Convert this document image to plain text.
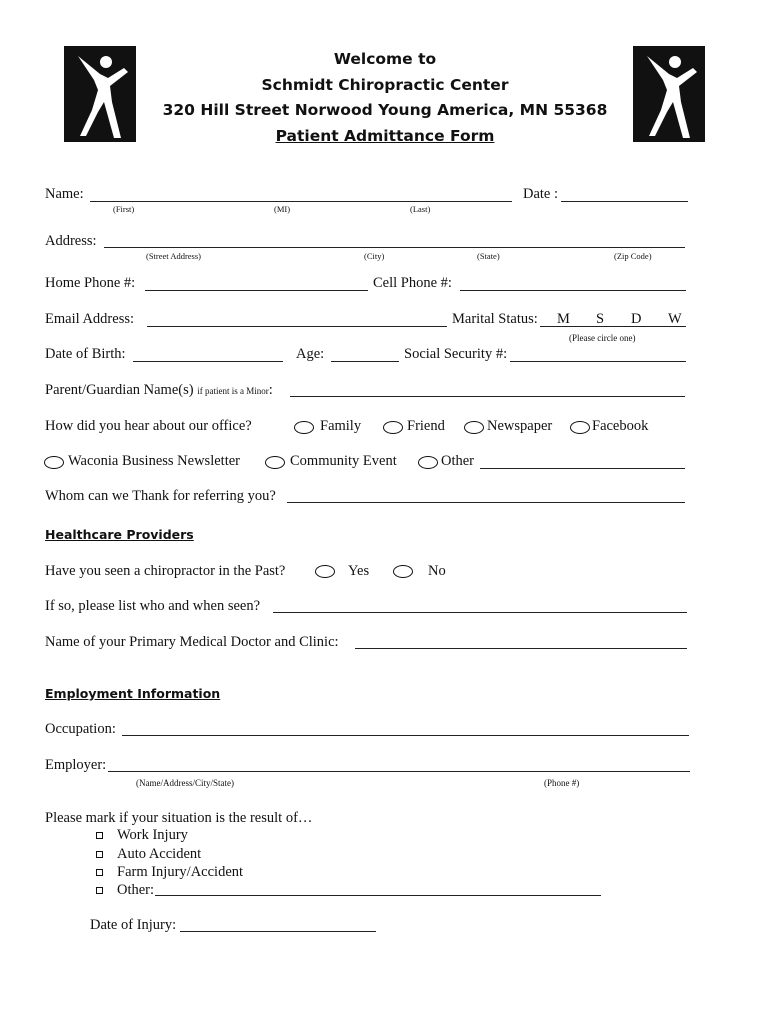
Welcome to
Schmidt Chiropractic Center
320 Hill Street Norwood Young America, MN 55368
Patient Admittance Form
Name:	Date :
(First)	(MI)	(Last)
Address:
(Street Address)	(City)	(State)	(Zip Code)
Home Phone #:	Cell Phone #:
Email Address:	Marital Status: M S D W
(Please circle one)
Date of Birth:	Age:	Social Security #:
Parent/Guardian Name(s) if patient is a Minor:
How did you hear about our office?	Family	Friend	Newspaper	Facebook
Waconia Business Newsletter	Community Event	Other
Whom can we Thank for referring you?
Healthcare Providers
Have you seen a chiropractor in the Past?	Yes	No
If so, please list who and when seen?
Name of your Primary Medical Doctor and Clinic:
Employment Information
Occupation:
Employer:
(Name/Address/City/State)	(Phone #)
Please mark if your situation is the result of…
Work Injury
Auto Accident
Farm Injury/Accident
Other:
Date of Injury:
